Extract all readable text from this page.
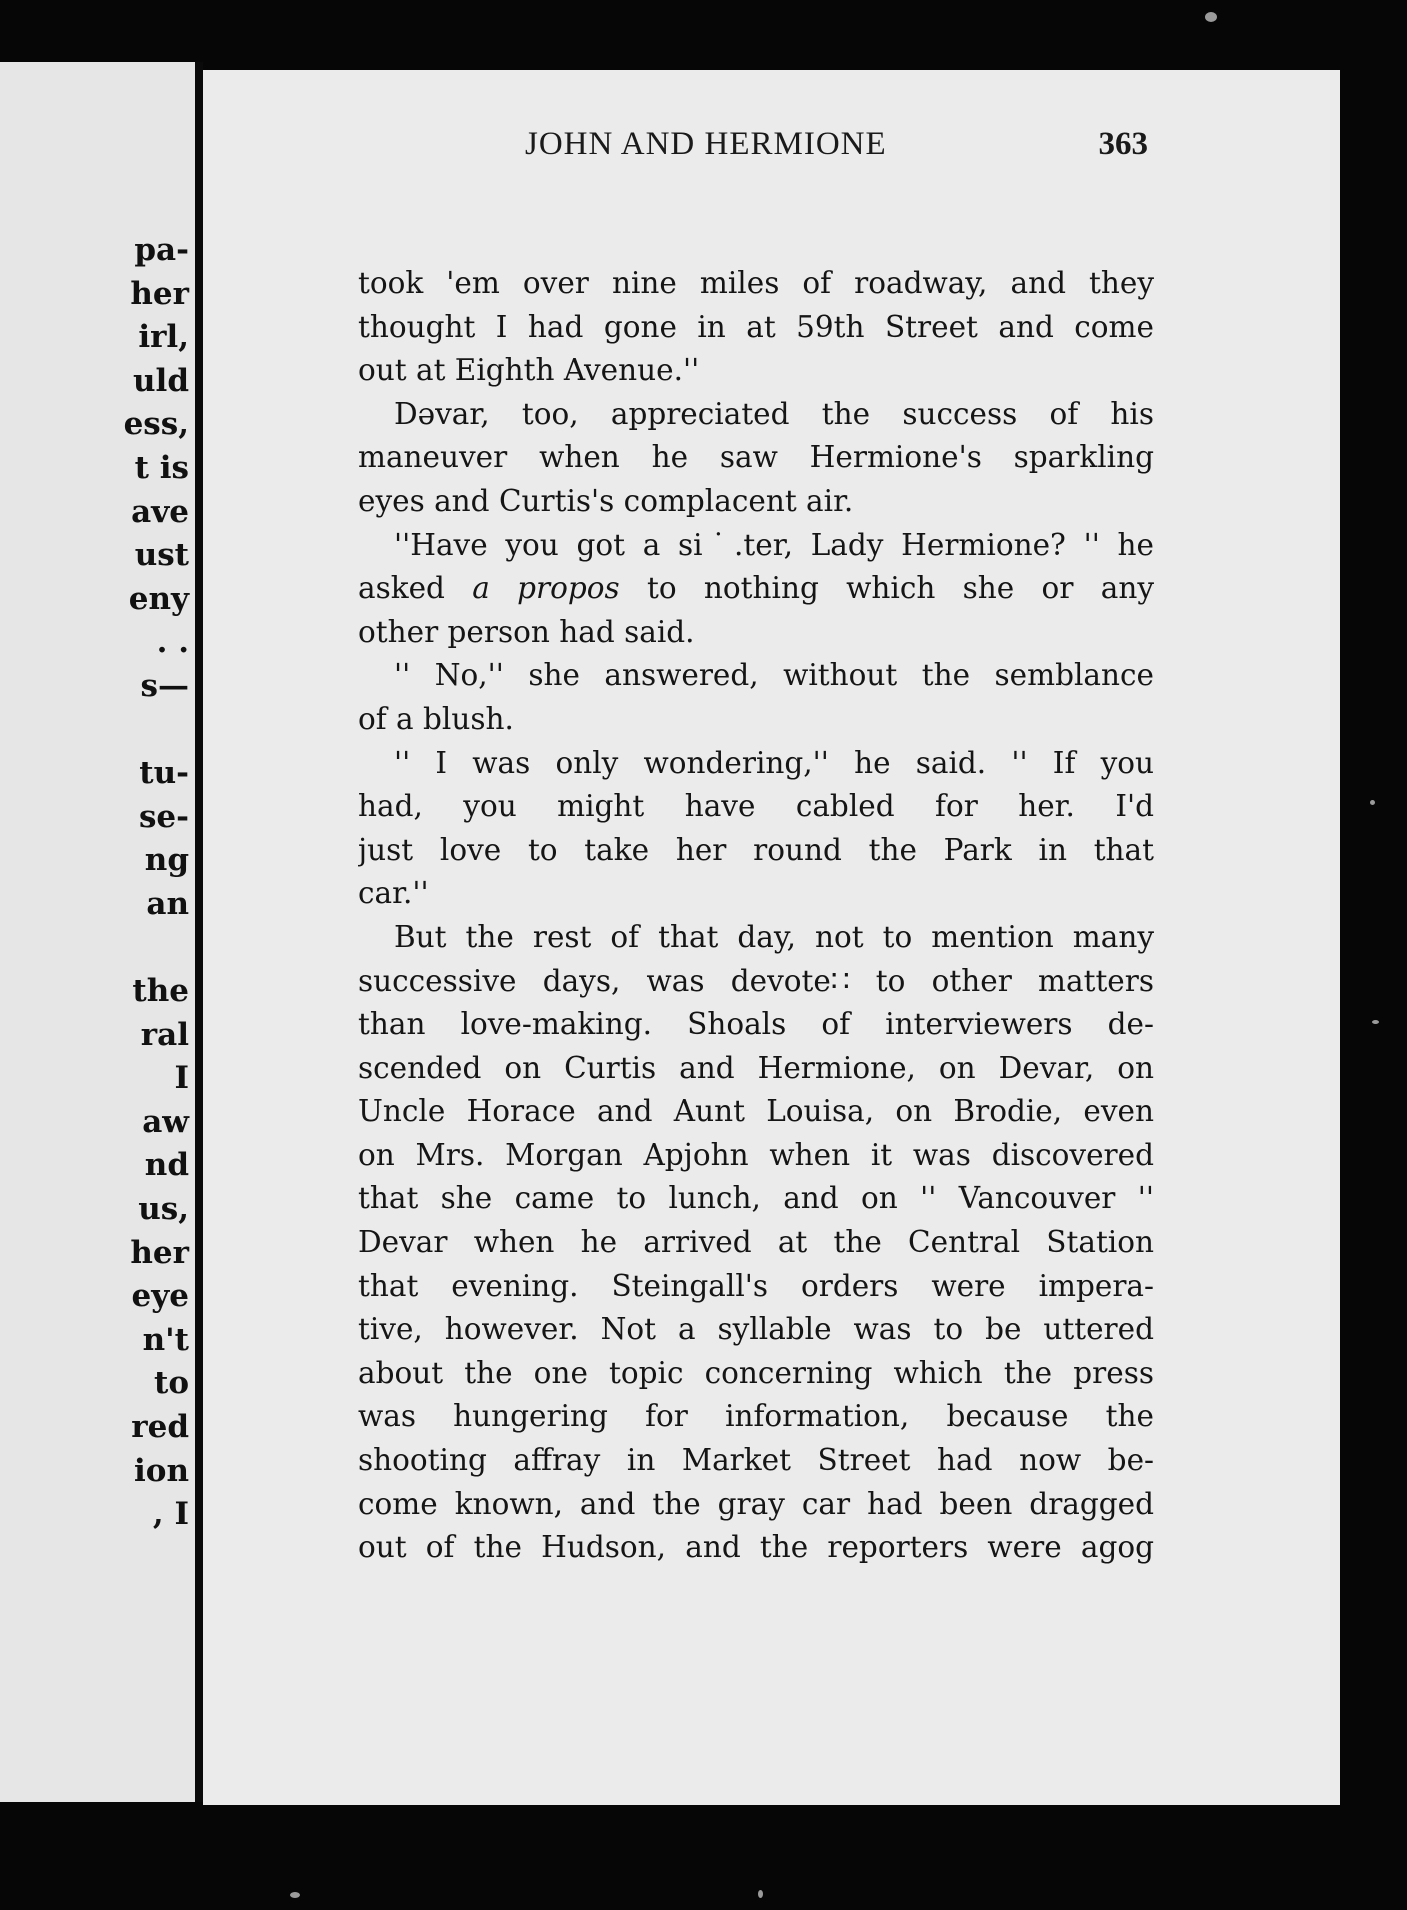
pa-
her
irl,
uld
ess,
t is
ave
ust
eny
. .
s—
tu-
se-
ng
an
the
ral
I
aw
nd
us,
her
eye
n't
to
red
ion
, I
JOHN AND HERMIONE	363
took 'em over nine miles of roadway, and they
thought I had gone in at 59th Street and come
out at Eighth Avenue.''
Dəvar, too, appreciated the success of his
maneuver when he saw Hermione's sparkling
eyes and Curtis's complacent air.
''Have you got a si˙.ter, Lady Hermione? '' he
asked a propos to nothing which she or any
other person had said.
'' No,'' she answered, without the semblance
of a blush.
'' I was only wondering,'' he said. '' If you
had, you might have cabled for her. I'd
just love to take her round the Park in that
car.''
But the rest of that day, not to mention many
successive days, was devote∷ to other matters
than love-making. Shoals of interviewers de-
scended on Curtis and Hermione, on Devar, on
Uncle Horace and Aunt Louisa, on Brodie, even
on Mrs. Morgan Apjohn when it was discovered
that she came to lunch, and on '' Vancouver ''
Devar when he arrived at the Central Station
that evening. Steingall's orders were impera-
tive, however. Not a syllable was to be uttered
about the one topic concerning which the press
was hungering for information, because the
shooting affray in Market Street had now be-
come known, and the gray car had been dragged
out of the Hudson, and the reporters were agog
